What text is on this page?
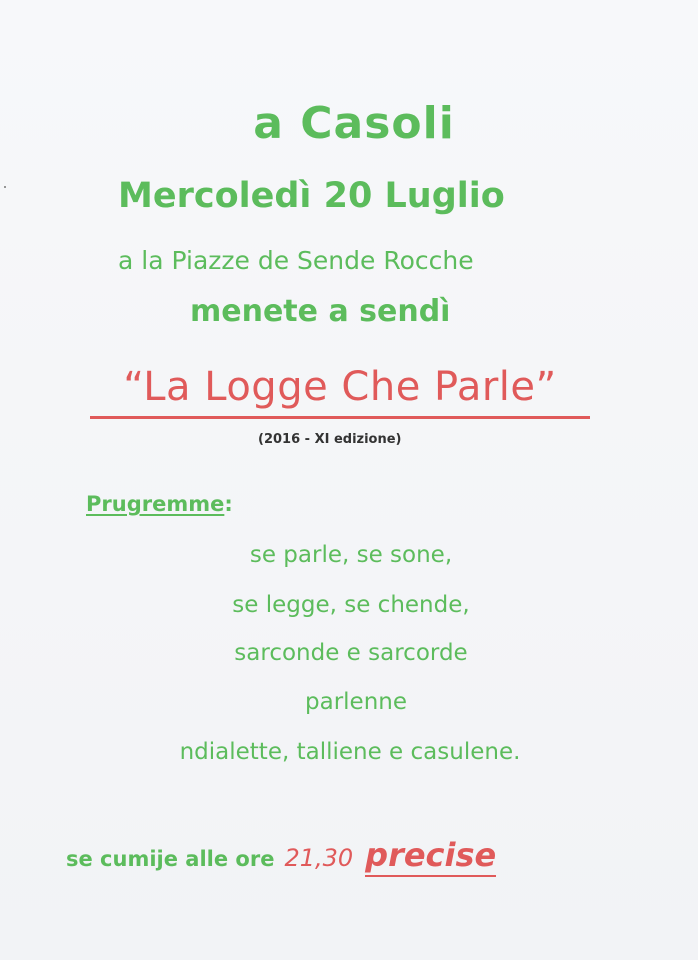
a Casoli
Mercoledì 20 Luglio
a la Piazze de Sende Rocche
menete a sendì
“La Logge Che Parle”
(2016 - XI edizione)
Prugremme:
se parle, se sone,
se legge, se chende,
sarconde e sarcorde
parlenne
ndialette, talliene e casulene.
se cumije alle ore 21,30 precise
